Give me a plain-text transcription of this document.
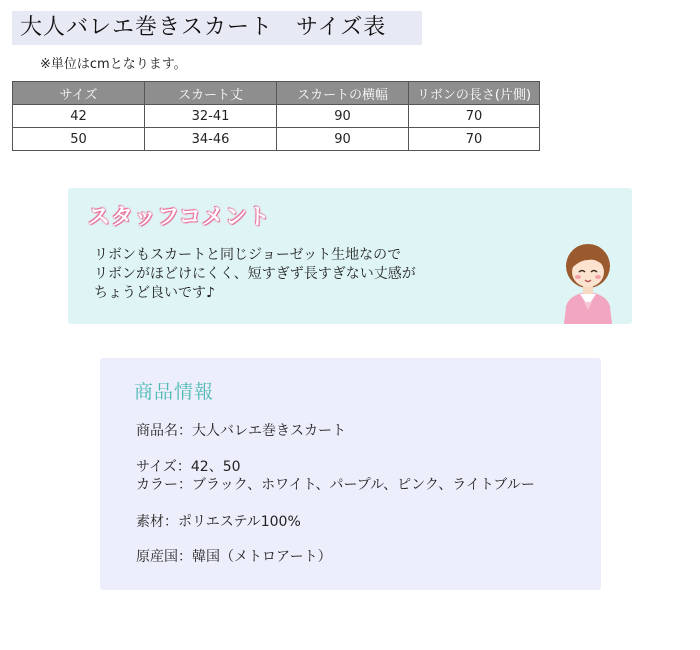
大人バレエ巻きスカート　サイズ表
※単位はcmとなります。
サイズ	スカート丈	スカートの横幅	リボンの長さ(片側)
42	32-41	90	70
50	34-46	90	70
スタッフコメント
リボンもスカートと同じジョーゼット生地なので
リボンがほどけにくく、短すぎず長すぎない丈感が
ちょうど良いです♪
商品情報
商品名：大人バレエ巻きスカート
サイズ：42、50
カラー：ブラック、ホワイト、パープル、ピンク、ライトブルー
素材：ポリエステル100%
原産国：韓国（メトロアート）
